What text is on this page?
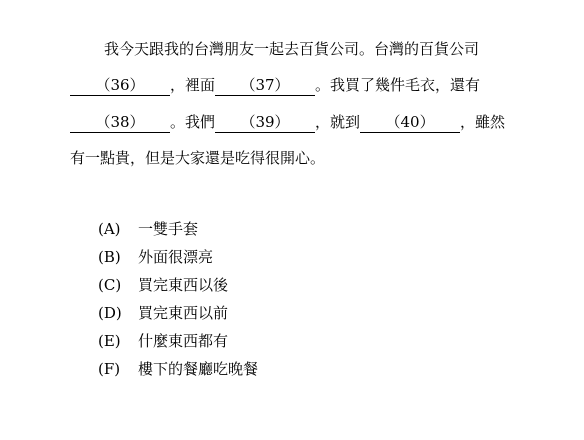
我今天跟我的台灣朋友一起去百貨公司。台灣的百貨公司
（36） ，裡面 （37） 。我買了幾件毛衣，還有
（38） 。我們 （39） ，就到 （40） ，雖然
有一點貴，但是大家還是吃得很開心。
(A) 一雙手套
(B) 外面很漂亮
(C) 買完東西以後
(D) 買完東西以前
(E) 什麼東西都有
(F) 樓下的餐廳吃晚餐
